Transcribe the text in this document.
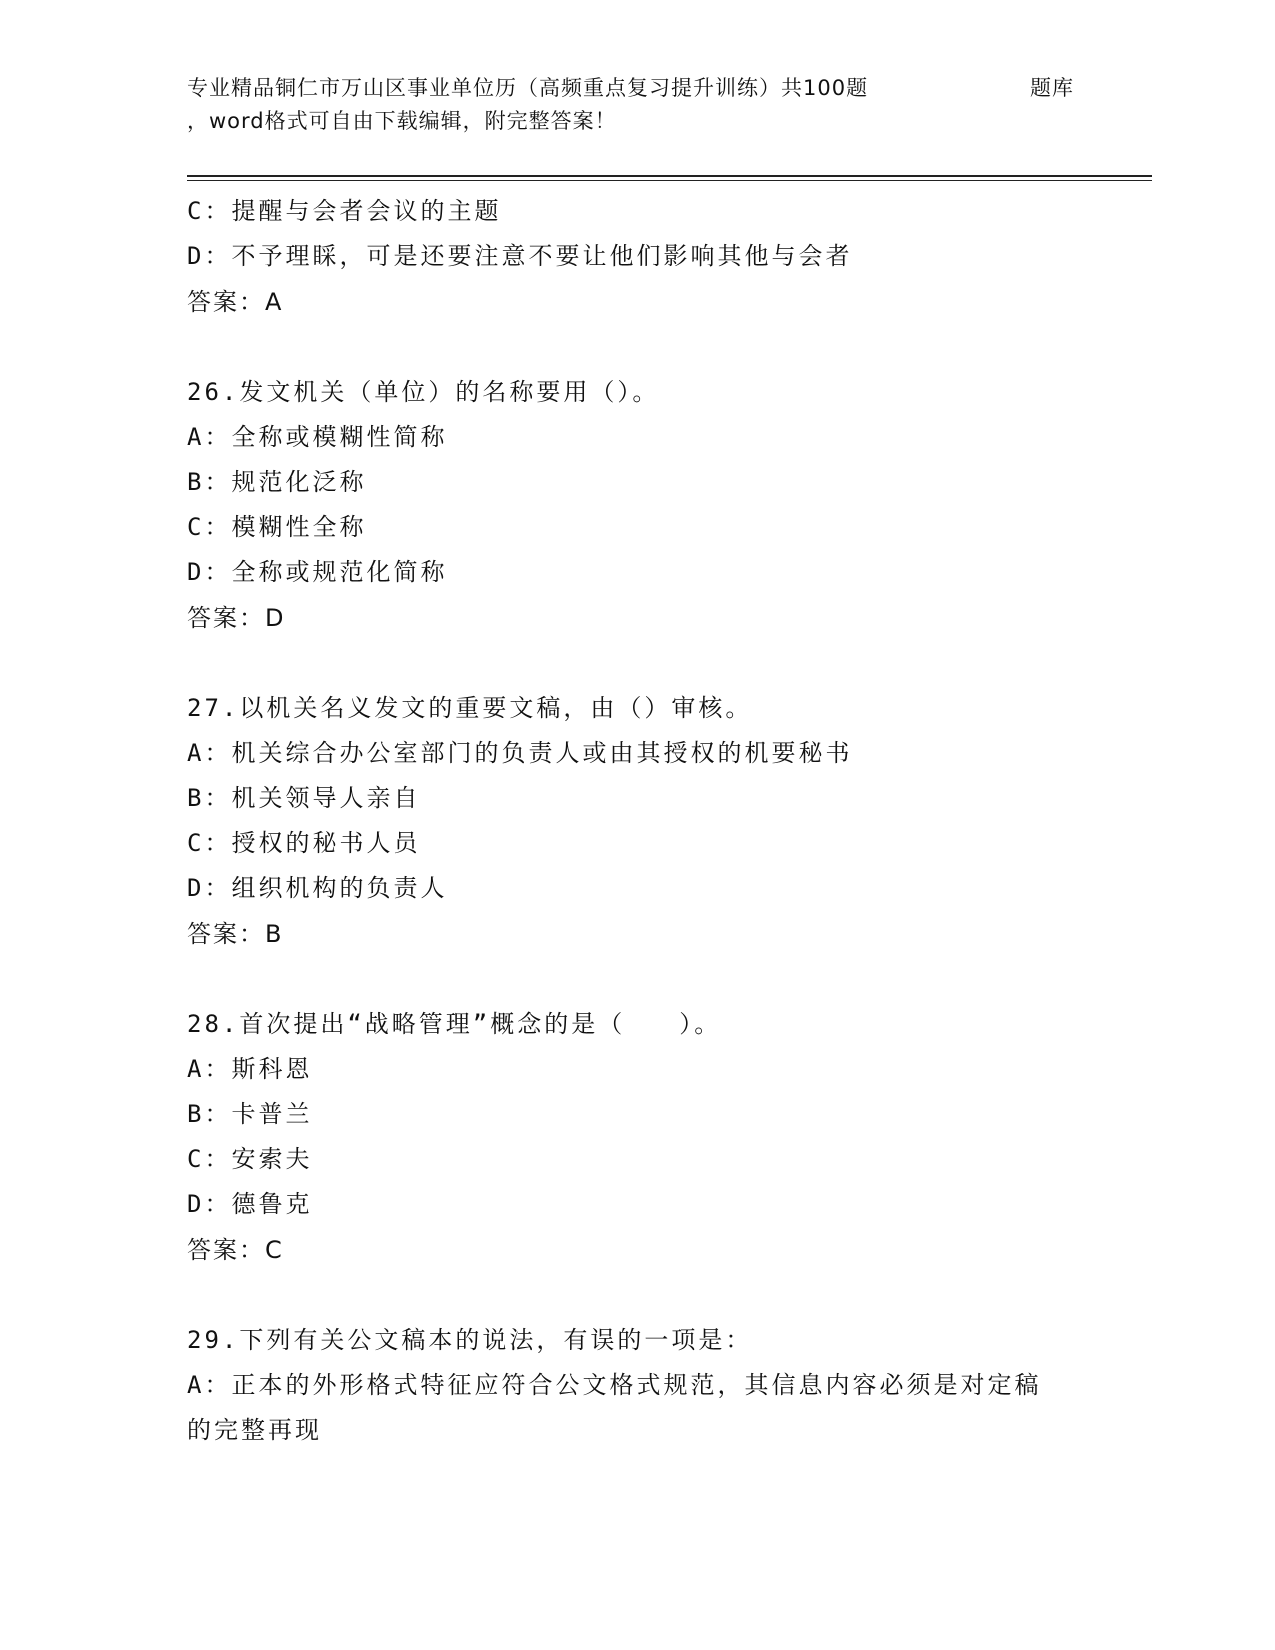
专业精品铜仁市万山区事业单位历（高频重点复习提升训练）共100题	题库
，word格式可自由下载编辑，附完整答案！
C：提醒与会者会议的主题
D：不予理睬，可是还要注意不要让他们影响其他与会者
答案：A
26.发文机关（单位）的名称要用（）。
A：全称或模糊性简称
B：规范化泛称
C：模糊性全称
D：全称或规范化简称
答案：D
27.以机关名义发文的重要文稿，由（）审核。
A：机关综合办公室部门的负责人或由其授权的机要秘书
B：机关领导人亲自
C：授权的秘书人员
D：组织机构的负责人
答案：B
28.首次提出“战略管理”概念的是（　　）。
A：斯科恩
B：卡普兰
C：安索夫
D：德鲁克
答案：C
29.下列有关公文稿本的说法，有误的一项是：
A：正本的外形格式特征应符合公文格式规范，其信息内容必须是对定稿的完整再现
